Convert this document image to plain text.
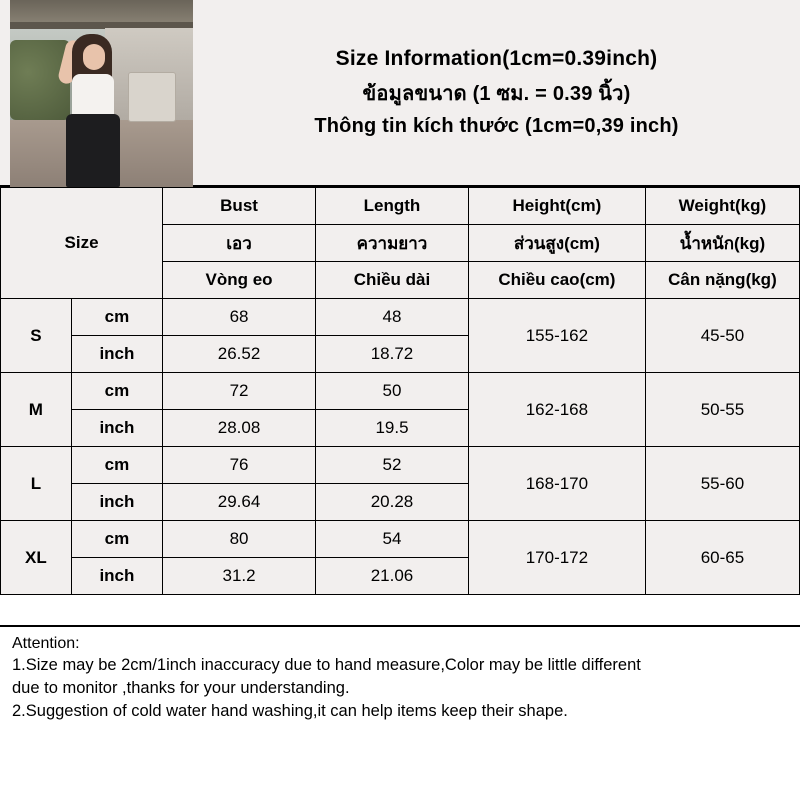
Size Information(1cm=0.39inch)
ข้อมูลขนาด (1 ซม. = 0.39 นิ้ว)
Thông tin kích thước (1cm=0,39 inch)
Size		Bust	Length	Height(cm)	Weight(kg)
		เอว	ความยาว	ส่วนสูง(cm)	น้ำหนัก(kg)
		Vòng eo	Chiều dài	Chiều cao(cm)	Cân nặng(kg)
S	cm	68	48	155-162	45-50
	inch	26.52	18.72		
M	cm	72	50	162-168	50-55
	inch	28.08	19.5		
L	cm	76	52	168-170	55-60
	inch	29.64	20.28		
XL	cm	80	54	170-172	60-65
	inch	31.2	21.06		

Attention:

1.Size may be 2cm/1inch inaccuracy due to hand measure,Color may be little different

due to monitor ,thanks for your understanding.

2.Suggestion of cold water hand washing,it can help items keep their shape.
